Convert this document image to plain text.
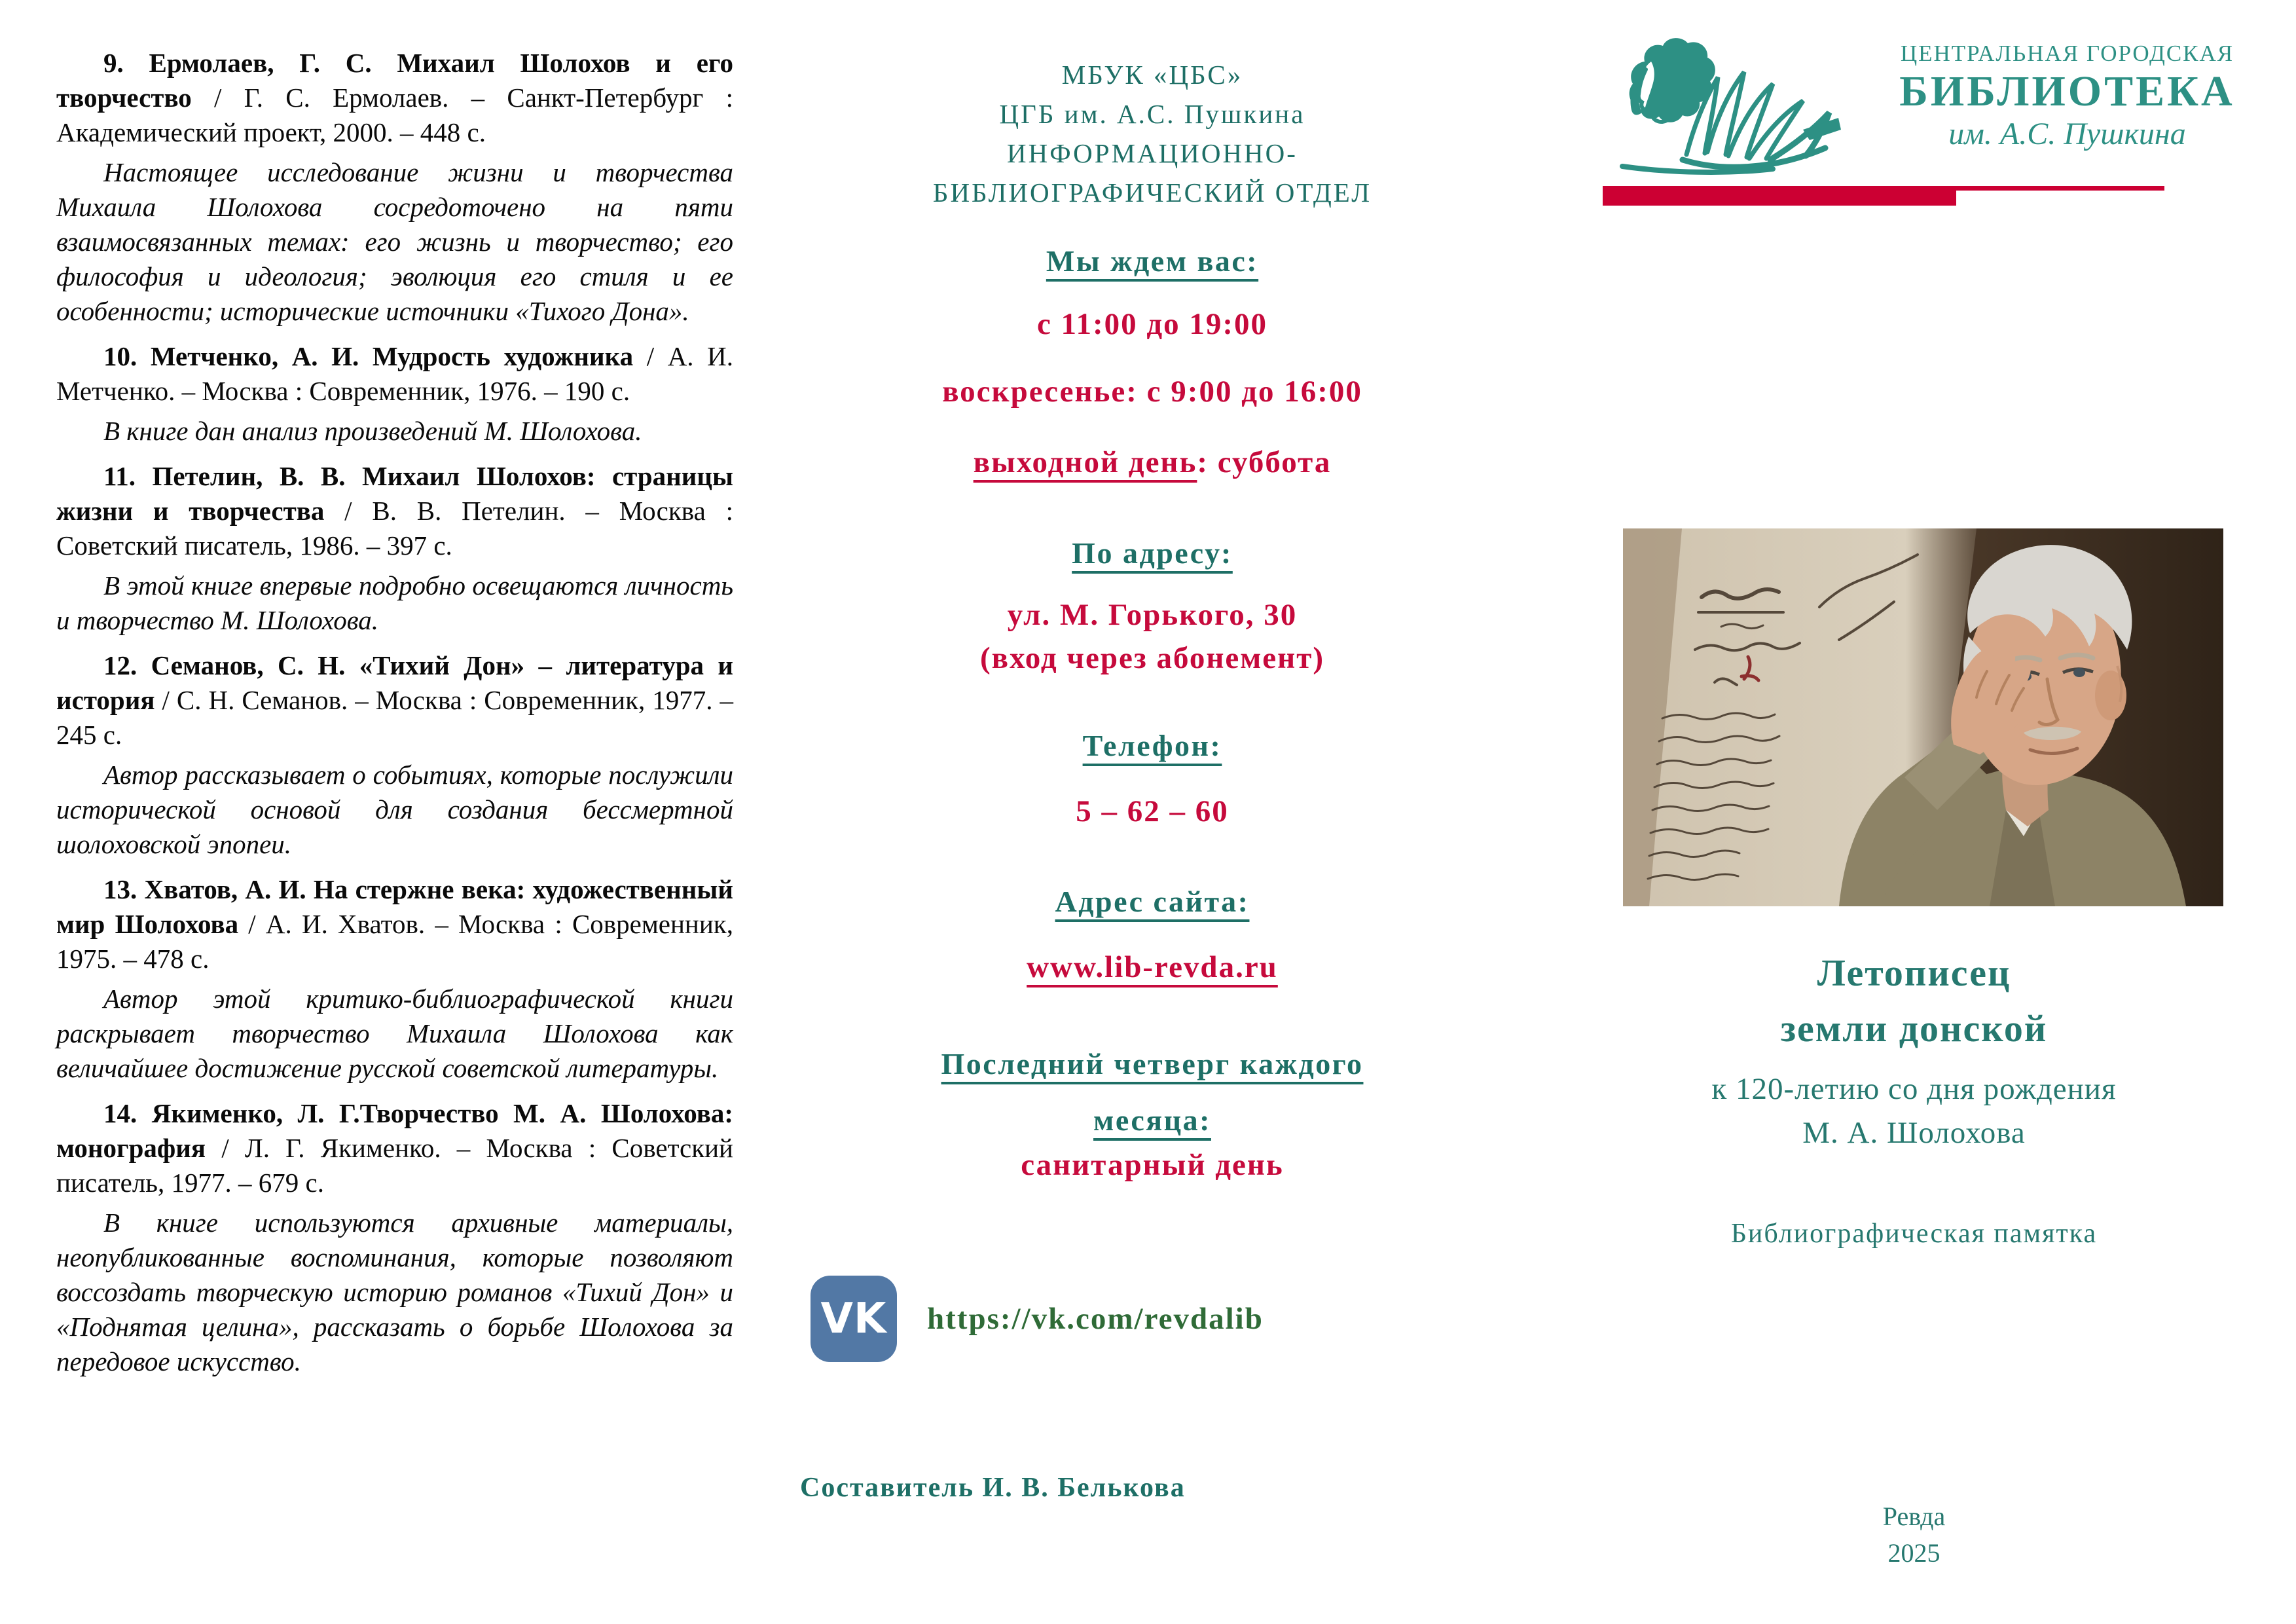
9. Ермолаев, Г. С. Михаил Шолохов и его творчество / Г. С. Ермолаев. – Санкт-Петербург : Академический проект, 2000. – 448 с.

Настоящее исследование жизни и творчества Михаила Шолохова сосредоточено на пяти взаимосвязанных темах: его жизнь и творчество; его философия и идеология; эволюция его стиля и ее особенности; исторические источники «Тихого Дона».

10. Метченко, А. И. Мудрость художника / А. И. Метченко. – Москва : Современник, 1976. – 190 с.

В книге дан анализ произведений М. Шолохова.

11. Петелин, В. В. Михаил Шолохов: страницы жизни и творчества / В. В. Петелин. – Москва : Советский писатель, 1986. – 397 с.

В этой книге впервые подробно освещаются личность и творчество М. Шолохова.

12. Семанов, С. Н. «Тихий Дон» – литература и история / С. Н. Семанов. – Москва : Современник, 1977. – 245 с.

Автор рассказывает о событиях, которые послужили исторической основой для создания бессмертной шолоховской эпопеи.

13. Хватов, А. И. На стержне века: художественный мир Шолохова / А. И. Хватов. – Москва : Современник, 1975. – 478 с.

Автор этой критико-библиографической книги раскрывает творчество Михаила Шолохова как величайшее достижение русской советской литературы.

14. Якименко, Л. Г.Творчество М. А. Шолохова: монография / Л. Г. Якименко. – Москва : Советский писатель, 1977. – 679 с.

В книге используются архивные материалы, неопубликованные воспоминания, которые позволяют воссоздать творческую историю романов «Тихий Дон» и «Поднятая целина», рассказать о борьбе Шолохова за передовое искусство.

МБУК «ЦБС»
ЦГБ им. А.С. Пушкина
ИНФОРМАЦИОННО-
БИБЛИОГРАФИЧЕСКИЙ ОТДЕЛ
Мы ждем вас:
с 11:00 до 19:00
воскресенье: с 9:00 до 16:00
выходной день: суббота
По адресу:
ул. М. Горького, 30
(вход через абонемент)
Телефон:
5 – 62 – 60
Адрес сайта:
www.lib-revda.ru
Последний четверг каждого
месяца:
санитарный день
VK https://vk.com/revdalib
Составитель И. В. Белькова
ЦЕНТРАЛЬНАЯ ГОРОДСКАЯ
БИБЛИОТЕКА
им. А.С. Пушкина
Летописец
земли донской
к 120-летию со дня рождения
М. А. Шолохова
Библиографическая памятка
Ревда
2025
